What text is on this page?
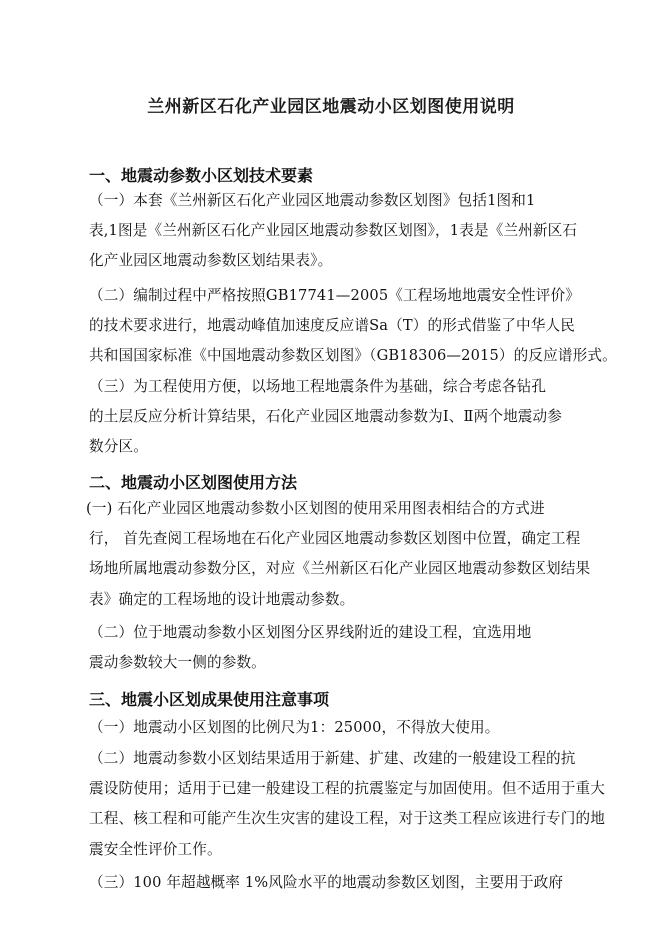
兰州新区石化产业园区地震动小区划图使用说明
一、地震动参数小区划技术要素
（一）本套《兰州新区石化产业园区地震动参数区划图》包括1图和1
表,1图是《兰州新区石化产业园区地震动参数区划图》，1表是《兰州新区石
化产业园区地震动参数区划结果表》。
（二）编制过程中严格按照GB17741—2005《工程场地地震安全性评价》
的技术要求进行，地震动峰值加速度反应谱Sa（T）的形式借鉴了中华人民
共和国国家标准《中国地震动参数区划图》（GB18306—2015）的反应谱形式。
（三）为工程使用方便，以场地工程地震条件为基础，综合考虑各钻孔
的土层反应分析计算结果，石化产业园区地震动参数为Ⅰ、Ⅱ两个地震动参
数分区。
二、地震动小区划图使用方法
(一) 石化产业园区地震动参数小区划图的使用采用图表相结合的方式进
行， 首先查阅工程场地在石化产业园区地震动参数区划图中位置，确定工程
场地所属地震动参数分区，对应《兰州新区石化产业园区地震动参数区划结果
表》确定的工程场地的设计地震动参数。
（二）位于地震动参数小区划图分区界线附近的建设工程，宜选用地
震动参数较大一侧的参数。
三、地震小区划成果使用注意事项
（一）地震动小区划图的比例尺为1：25000，不得放大使用。
（二）地震动参数小区划结果适用于新建、扩建、改建的一般建设工程的抗
震设防使用；适用于已建一般建设工程的抗震鉴定与加固使用。但不适用于重大
工程、核工程和可能产生次生灾害的建设工程，对于这类工程应该进行专门的地
震安全性评价工作。
（三）100 年超越概率 1%风险水平的地震动参数区划图，主要用于政府
